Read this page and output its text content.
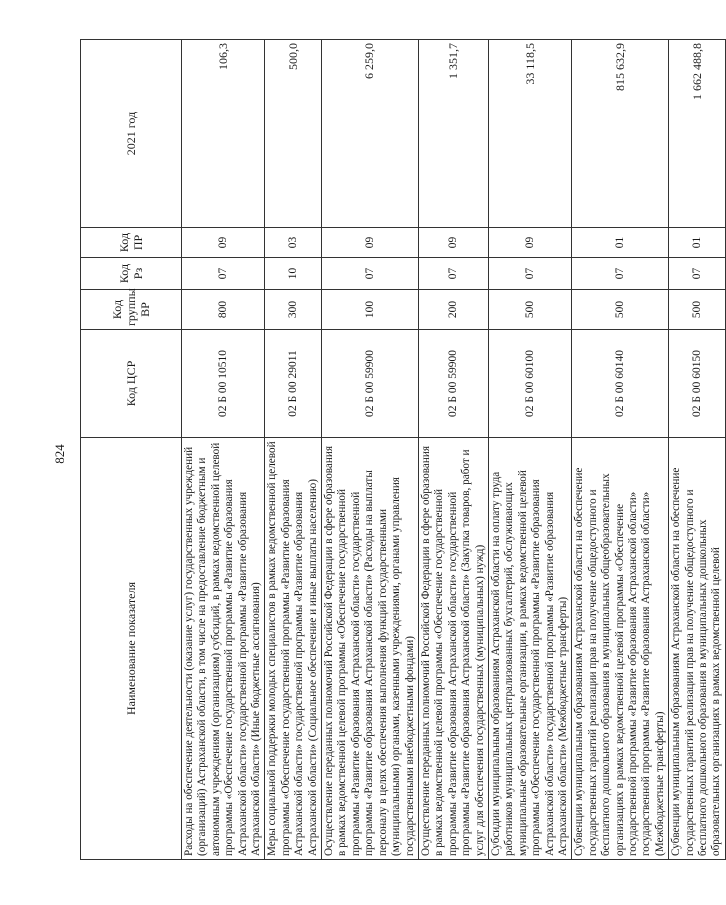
824
Наименование показателя	Код ЦСР	Код группы ВР	Код Рз	Код ПР	2021 год
Расходы на обеспечение деятельности (оказание услуг) государственных учреждений (организаций) Астраханской области, в том числе на предоставление бюджетным и автономным учреждениям (организациям) субсидий, в рамках ведомственной целевой программы «Обеспечение государственной программы «Развитие образования Астраханской области» государственной программы «Развитие образования Астраханской области» (Иные бюджетные ассигнования)	02 Б 00 10510	800	07	09	106,3
Меры социальной поддержки молодых специалистов в рамках ведомственной целевой программы «Обеспечение государственной программы «Развитие образования Астраханской области» государственной программы «Развитие образования Астраханской области» (Социальное обеспечение и иные выплаты населению)	02 Б 00 29011	300	10	03	500,0
Осуществление переданных полномочий Российской Федерации в сфере образования в рамках ведомственной целевой программы «Обеспечение государственной программы «Развитие образования Астраханской области» государственной программы «Развитие образования Астраханской области» (Расходы на выплаты персоналу в целях обеспечения выполнения функций государственными (муниципальными) органами, казенными учреждениями, органами управления государственными внебюджетными фондами)	02 Б 00 59900	100	07	09	6 259,0
Осуществление переданных полномочий Российской Федерации в сфере образования в рамках ведомственной целевой программы «Обеспечение государственной программы «Развитие образования Астраханской области» государственной программы «Развитие образования Астраханской области» (Закупка товаров, работ и услуг для обеспечения государственных (муниципальных) нужд)	02 Б 00 59900	200	07	09	1 351,7
Субсидии муниципальным образованиям Астраханской области на оплату труда работников муниципальных централизованных бухгалтерий, обслуживающих муниципальные образовательные организации, в рамках ведомственной целевой программы «Обеспечение государственной программы «Развитие образования Астраханской области» государственной программы «Развитие образования Астраханской области» (Межбюджетные трансферты)	02 Б 00 60100	500	07	09	33 118,5
Субвенции муниципальным образованиям Астраханской области на обеспечение государственных гарантий реализации прав на получение общедоступного и бесплатного дошкольного образования в муниципальных общеобразовательных организациях в рамках ведомственной целевой программы «Обеспечение государственной программы «Развитие образования Астраханской области» государственной программы «Развитие образования Астраханской области» (Межбюджетные трансферты)	02 Б 00 60140	500	07	01	815 632,9
Субвенции муниципальным образованиям Астраханской области на обеспечение государственных гарантий реализации прав на получение общедоступного и бесплатного дошкольного образования в муниципальных дошкольных образовательных организациях в рамках ведомственной целевой	02 Б 00 60150	500	07	01	1 662 488,8
